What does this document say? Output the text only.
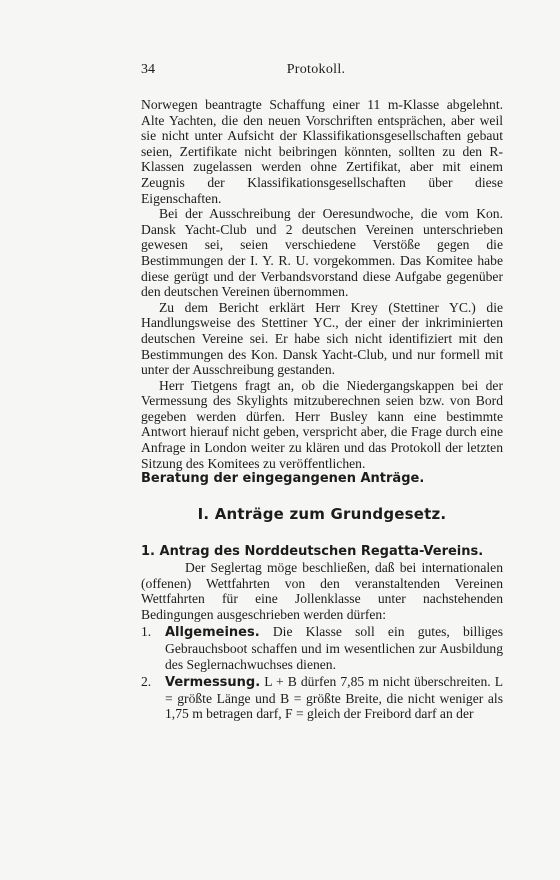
34	Protokoll.

Norwegen beantragte Schaffung einer 11 m-Klasse abgelehnt. Alte Yachten, die den neuen Vorschriften entsprächen, aber weil sie nicht unter Aufsicht der Klassifikationsgesellschaften gebaut seien, Zertifikate nicht beibringen könnten, sollten zu den R-Klassen zugelassen werden ohne Zertifikat, aber mit einem Zeugnis der Klassifikationsgesellschaften über diese Eigenschaften.

Bei der Ausschreibung der Oeresundwoche, die vom Kon. Dansk Yacht-Club und 2 deutschen Vereinen unterschrieben gewesen sei, seien verschiedene Verstöße gegen die Bestimmungen der I. Y. R. U. vorgekommen. Das Komitee habe diese gerügt und der Verbandsvorstand diese Aufgabe gegenüber den deutschen Vereinen übernommen.

Zu dem Bericht erklärt Herr Krey (Stettiner YC.) die Handlungsweise des Stettiner YC., der einer der inkriminierten deutschen Vereine sei. Er habe sich nicht identifiziert mit den Bestimmungen des Kon. Dansk Yacht-Club, und nur formell mit unter der Ausschreibung gestanden.

Herr Tietgens fragt an, ob die Niedergangskappen bei der Vermessung des Skylights mitzuberechnen seien bzw. von Bord gegeben werden dürfen. Herr Busley kann eine bestimmte Antwort hierauf nicht geben, verspricht aber, die Frage durch eine Anfrage in London weiter zu klären und das Protokoll der letzten Sitzung des Komitees zu veröffentlichen.

Beratung der eingegangenen Anträge.

I. Anträge zum Grundgesetz.
1. Antrag des Norddeutschen Regatta-Vereins.

Der Seglertag möge beschließen, daß bei internationalen (offenen) Wettfahrten von den veranstaltenden Vereinen Wettfahrten für eine Jollenklasse unter nachstehenden Bedingungen ausgeschrieben werden dürfen:

1. Allgemeines. Die Klasse soll ein gutes, billiges Gebrauchsboot schaffen und im wesentlichen zur Ausbildung des Seglernachwuchses dienen.

2. Vermessung. L + B dürfen 7,85 m nicht überschreiten. L = größte Länge und B = größte Breite, die nicht weniger als 1,75 m betragen darf, F = gleich der Freibord darf an der
